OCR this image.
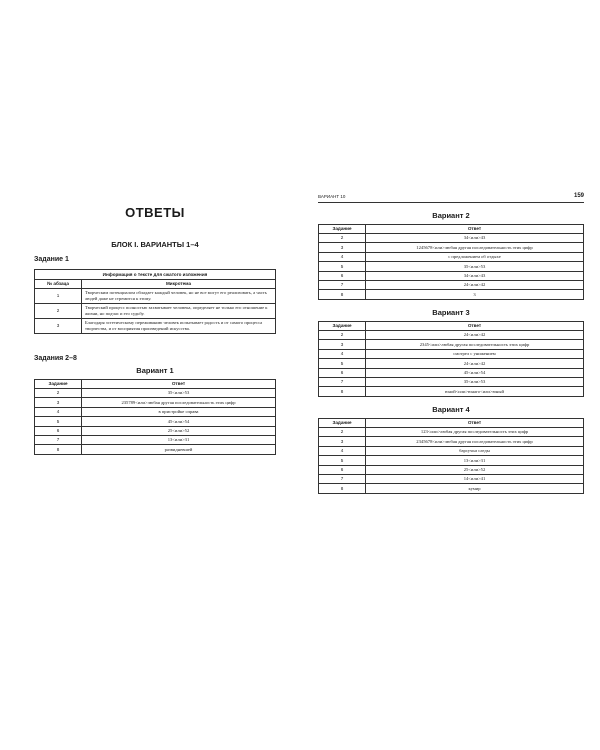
ОТВЕТЫ
БЛОК I. ВАРИАНТЫ 1–4
Задание 1
Информация о тексте для сжатого изложения	
№ абзаца	Микротема
1	Творческим потенциалом обладает каждый человек, но не все могут его реализовать, а часть людей даже не стремится к этому.
2	Творческий процесс полностью захватывает человека, определяет не только его отношение к жизни, но подчас и его судьбу.
3	Благодаря эстетическому переживанию человек испытывает радость и от самого процесса творчества, и от восприятия произведений искусства.
Задания 2–8
Вариант 1
Задание	Ответ
2	35<или>53
3	235789<или>любая другая последовательность этих цифр
4	в пристройке справа
5	45<или>54
6	25<или>52
7	13<или>31
8	развидневшей
ВАРИАНТ 10	159
Вариант 2
Задание	Ответ
2	34<или>43
3	1245678<или>любая другая последовательность этих цифр
4	с предложением об отдыхе
5	35<или>53
6	34<или>43
7	24<или>42
8	3
Вариант 3
Задание	Ответ
2	24<или>42
3	2345<или>любая другая последовательность этих цифр
4	смотрел с унижением
5	24<или>42
6	45<или>54
7	35<или>53
8	юной<или>юнаго<или>юный
Вариант 4
Задание	Ответ
2	123<или>любая другая последовательность этих цифр
3	2345678<или>любая другая последовательность этих цифр
4	барсучьи следы
5	13<или>31
6	25<или>52
7	14<или>41
8	кумир
